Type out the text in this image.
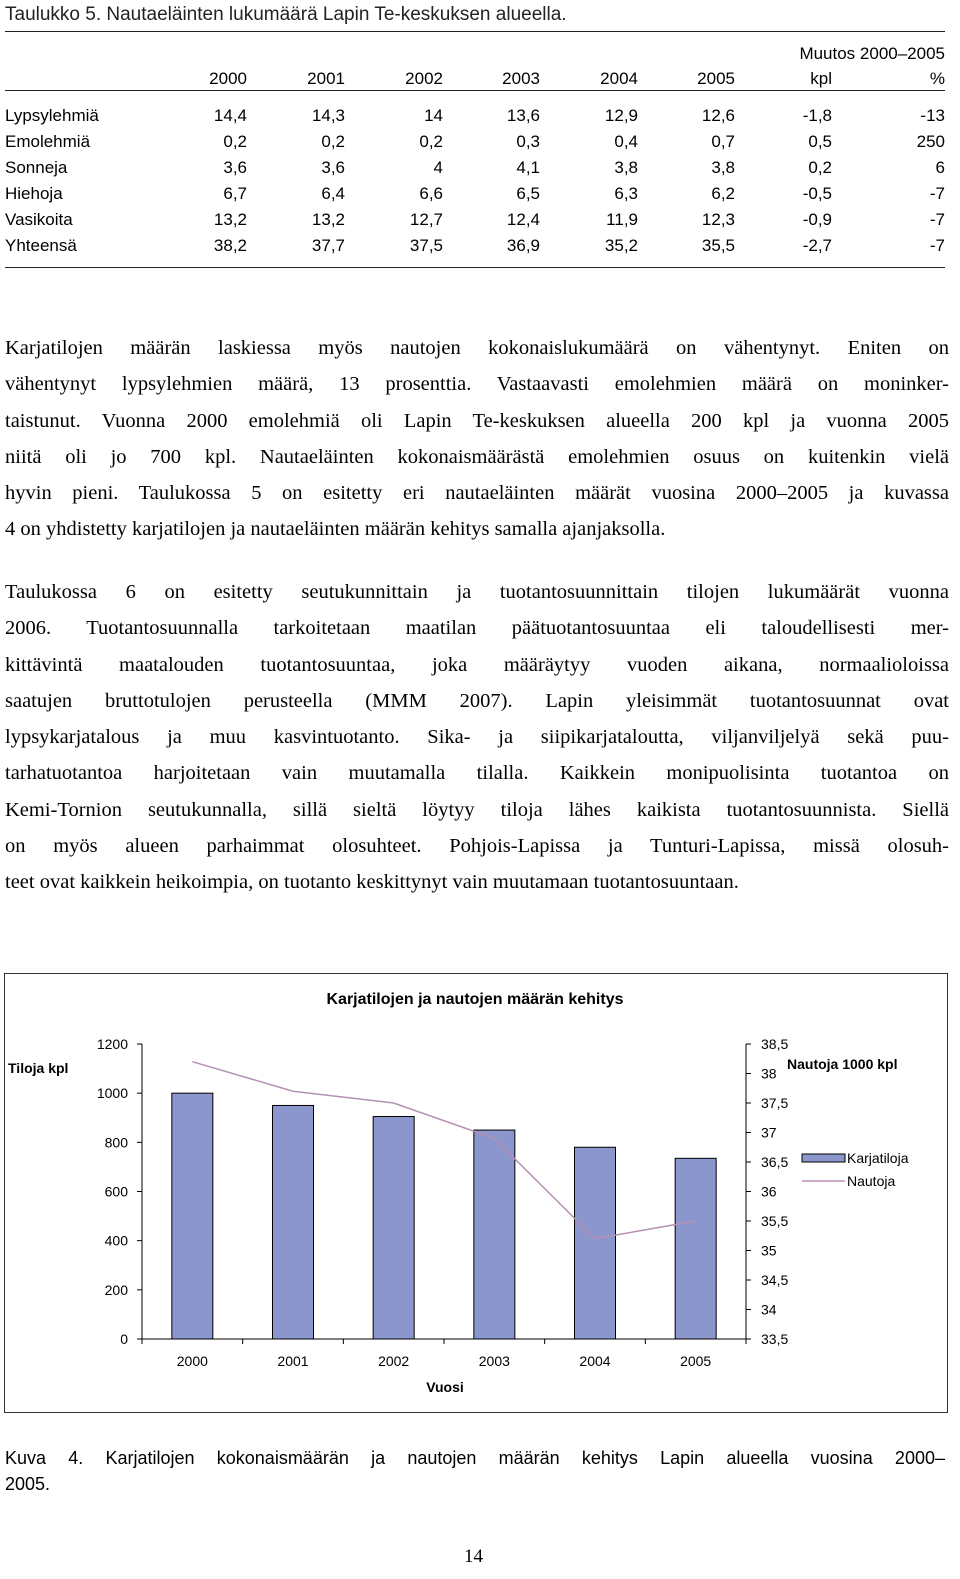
Taulukko 5. Nautaeläinten lukumäärä Lapin Te-keskuksen alueella.
							Muutos 2000–2005	
	2000	2001	2002	2003	2004	2005	kpl	%

Lypsylehmiä	14,4	14,3	14	13,6	12,9	12,6	-1,8	-13
Emolehmiä	0,2	0,2	0,2	0,3	0,4	0,7	0,5	250
Sonneja	3,6	3,6	4	4,1	3,8	3,8	0,2	6
Hiehoja	6,7	6,4	6,6	6,5	6,3	6,2	-0,5	-7
Vasikoita	13,2	13,2	12,7	12,4	11,9	12,3	-0,9	-7
Yhteensä	38,2	37,7	37,5	36,9	35,2	35,5	-2,7	-7
Karjatilojen määrän laskiessa myös nautojen kokonaislukumäärä on vähentynyt. Eniten on
vähentynyt lypsylehmien määrä, 13 prosenttia. Vastaavasti emolehmien määrä on moninker-
taistunut. Vuonna 2000 emolehmiä oli Lapin Te-keskuksen alueella 200 kpl ja vuonna 2005
niitä oli jo 700 kpl. Nautaeläinten kokonaismäärästä emolehmien osuus on kuitenkin vielä
hyvin pieni. Taulukossa 5 on esitetty eri nautaeläinten määrät vuosina 2000–2005 ja kuvassa
4 on yhdistetty karjatilojen ja nautaeläinten määrän kehitys samalla ajanjaksolla.
Taulukossa 6 on esitetty seutukunnittain ja tuotantosuunnittain tilojen lukumäärät vuonna
2006. Tuotantosuunnalla tarkoitetaan maatilan päätuotantosuuntaa eli taloudellisesti mer-
kittävintä maatalouden tuotantosuuntaa, joka määräytyy vuoden aikana, normaalioloissa
saatujen bruttotulojen perusteella (MMM 2007). Lapin yleisimmät tuotantosuunnat ovat
lypsykarjatalous ja muu kasvintuotanto. Sika- ja siipikarjataloutta, viljanviljelyä sekä puu-
tarhatuotantoa harjoitetaan vain muutamalla tilalla. Kaikkein monipuolisinta tuotantoa on
Kemi-Tornion seutukunnalla, sillä sieltä löytyy tiloja lähes kaikista tuotantosuunnista. Siellä
on myös alueen parhaimmat olosuhteet. Pohjois-Lapissa ja Tunturi-Lapissa, missä olosuh-
teet ovat kaikkein heikoimpia, on tuotanto keskittynyt vain muutamaan tuotantosuuntaan.
Karjatilojen ja nautojen määrän kehitys
0
200
400
600
800
1000
1200
33,5
34
34,5
35
35,5
36
36,5
37
37,5
38
38,5
2000	2001	2002	2003	2004	2005
Vuosi
Tiloja kpl
Karjatiloja
Nautoja
Nautoja 1000 kpl
Kuva 4. Karjatilojen kokonaismäärän ja nautojen määrän kehitys Lapin alueella vuosina 2000–
2005.
14
